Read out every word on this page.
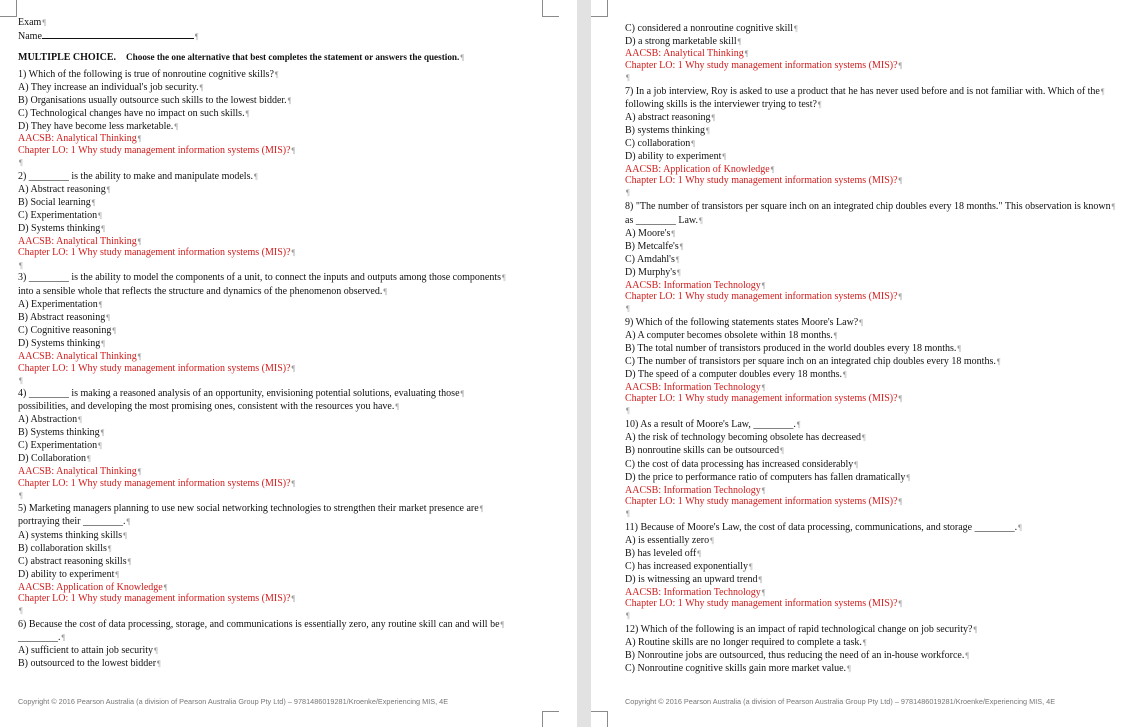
Exam¶
Name	¶
MULTIPLE CHOICE. Choose the one alternative that best completes the statement or answers the question.¶
1) Which of the following is true of nonroutine cognitive skills?¶
A) They increase an individual's job security.¶
B) Organisations usually outsource such skills to the lowest bidder.¶
C) Technological changes have no impact on such skills.¶
D) They have become less marketable.¶
AACSB: Analytical Thinking¶
Chapter LO: 1 Why study management information systems (MIS)?¶
¶
2) ________ is the ability to make and manipulate models.¶
A) Abstract reasoning¶
B) Social learning¶
C) Experimentation¶
D) Systems thinking¶
AACSB: Analytical Thinking¶
Chapter LO: 1 Why study management information systems (MIS)?¶
¶
3) ________ is the ability to model the components of a unit, to connect the inputs and outputs among those components¶
into a sensible whole that reflects the structure and dynamics of the phenomenon observed.¶
A) Experimentation¶
B) Abstract reasoning¶
C) Cognitive reasoning¶
D) Systems thinking¶
AACSB: Analytical Thinking¶
Chapter LO: 1 Why study management information systems (MIS)?¶
¶
4) ________ is making a reasoned analysis of an opportunity, envisioning potential solutions, evaluating those¶
possibilities, and developing the most promising ones, consistent with the resources you have.¶
A) Abstraction¶
B) Systems thinking¶
C) Experimentation¶
D) Collaboration¶
AACSB: Analytical Thinking¶
Chapter LO: 1 Why study management information systems (MIS)?¶
¶
5) Marketing managers planning to use new social networking technologies to strengthen their market presence are¶
portraying their ________.¶
A) systems thinking skills¶
B) collaboration skills¶
C) abstract reasoning skills¶
D) ability to experiment¶
AACSB: Application of Knowledge¶
Chapter LO: 1 Why study management information systems (MIS)?¶
¶
6) Because the cost of data processing, storage, and communications is essentially zero, any routine skill can and will be¶
________.¶
A) sufficient to attain job security¶
B) outsourced to the lowest bidder¶
Copyright © 2016 Pearson Australia (a division of Pearson Australia Group Pty Ltd) – 9781486019281/Kroenke/Experiencing MIS, 4E
C) considered a nonroutine cognitive skill¶
D) a strong marketable skill¶
AACSB: Analytical Thinking¶
Chapter LO: 1 Why study management information systems (MIS)?¶
¶
7) In a job interview, Roy is asked to use a product that he has never used before and is not familiar with. Which of the¶
following skills is the interviewer trying to test?¶
A) abstract reasoning¶
B) systems thinking¶
C) collaboration¶
D) ability to experiment¶
AACSB: Application of Knowledge¶
Chapter LO: 1 Why study management information systems (MIS)?¶
¶
8) "The number of transistors per square inch on an integrated chip doubles every 18 months." This observation is known¶
as ________ Law.¶
A) Moore's¶
B) Metcalfe's¶
C) Amdahl's¶
D) Murphy's¶
AACSB: Information Technology¶
Chapter LO: 1 Why study management information systems (MIS)?¶
¶
9) Which of the following statements states Moore's Law?¶
A) A computer becomes obsolete within 18 months.¶
B) The total number of transistors produced in the world doubles every 18 months.¶
C) The number of transistors per square inch on an integrated chip doubles every 18 months.¶
D) The speed of a computer doubles every 18 months.¶
AACSB: Information Technology¶
Chapter LO: 1 Why study management information systems (MIS)?¶
¶
10) As a result of Moore's Law, ________.¶
A) the risk of technology becoming obsolete has decreased¶
B) nonroutine skills can be outsourced¶
C) the cost of data processing has increased considerably¶
D) the price to performance ratio of computers has fallen dramatically¶
AACSB: Information Technology¶
Chapter LO: 1 Why study management information systems (MIS)?¶
¶
11) Because of Moore's Law, the cost of data processing, communications, and storage ________.¶
A) is essentially zero¶
B) has leveled off¶
C) has increased exponentially¶
D) is witnessing an upward trend¶
AACSB: Information Technology¶
Chapter LO: 1 Why study management information systems (MIS)?¶
¶
12) Which of the following is an impact of rapid technological change on job security?¶
A) Routine skills are no longer required to complete a task.¶
B) Nonroutine jobs are outsourced, thus reducing the need of an in-house workforce.¶
C) Nonroutine cognitive skills gain more market value.¶
Copyright © 2016 Pearson Australia (a division of Pearson Australia Group Pty Ltd) – 9781486019281/Kroenke/Experiencing MIS, 4E
